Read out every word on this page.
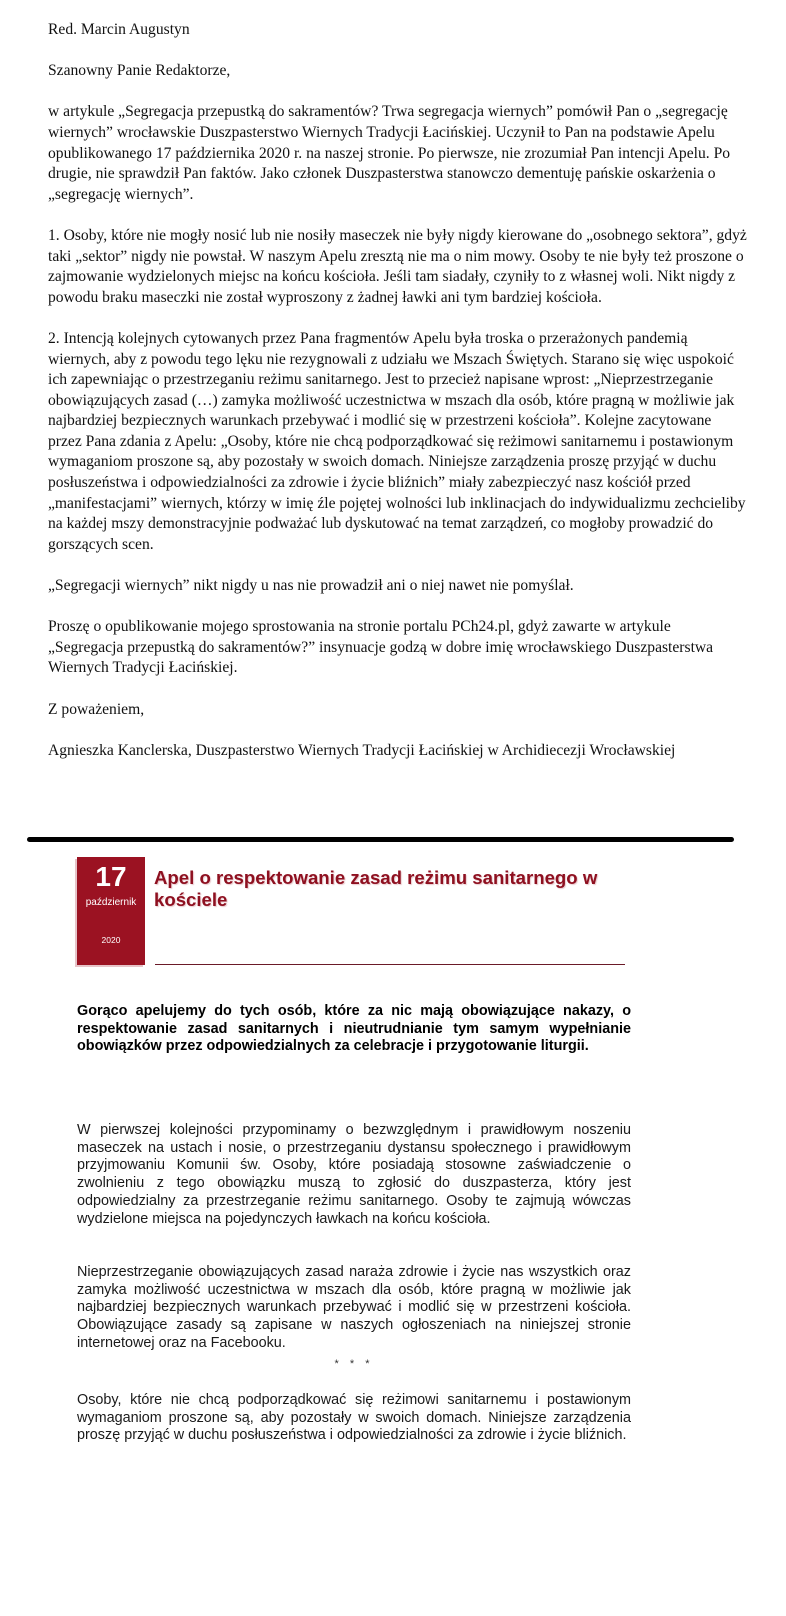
Red. Marcin Augustyn

Szanowny Panie Redaktorze,

w artykule „Segregacja przepustką do sakramentów? Trwa segregacja wiernych” pomówił Pan o „segregację wiernych” wrocławskie Duszpasterstwo Wiernych Tradycji Łacińskiej. Uczynił to Pan na podstawie Apelu opublikowanego 17 października 2020 r. na naszej stronie. Po pierwsze, nie zrozumiał Pan intencji Apelu. Po drugie, nie sprawdził Pan faktów. Jako członek Duszpasterstwa stanowczo dementuję pańskie oskarżenia o „segregację wiernych”.

1. Osoby, które nie mogły nosić lub nie nosiły maseczek nie były nigdy kierowane do „osobnego sektora”, gdyż taki „sektor” nigdy nie powstał. W naszym Apelu zresztą nie ma o nim mowy. Osoby te nie były też proszone o zajmowanie wydzielonych miejsc na końcu kościoła. Jeśli tam siadały, czyniły to z własnej woli. Nikt nigdy z powodu braku maseczki nie został wyproszony z żadnej ławki ani tym bardziej kościoła.

2. Intencją kolejnych cytowanych przez Pana fragmentów Apelu była troska o przerażonych pandemią wiernych, aby z powodu tego lęku nie rezygnowali z udziału we Mszach Świętych. Starano się więc uspokoić ich zapewniając o przestrzeganiu reżimu sanitarnego. Jest to przecież napisane wprost: „Nieprzestrzeganie obowiązujących zasad (…) zamyka możliwość uczestnictwa w mszach dla osób, które pragną w możliwie jak najbardziej bezpiecznych warunkach przebywać i modlić się w przestrzeni kościoła”. Kolejne zacytowane przez Pana zdania z Apelu: „Osoby, które nie chcą podporządkować się reżimowi sanitarnemu i postawionym wymaganiom proszone są, aby pozostały w swoich domach. Niniejsze zarządzenia proszę przyjąć w duchu posłuszeństwa i odpowiedzialności za zdrowie i życie bliźnich” miały zabezpieczyć nasz kościół przed „manifestacjami” wiernych, którzy w imię źle pojętej wolności lub inklinacjach do indywidualizmu zechcieliby na każdej mszy demonstracyjnie podważać lub dyskutować na temat zarządzeń, co mogłoby prowadzić do gorszących scen.

„Segregacji wiernych” nikt nigdy u nas nie prowadził ani o niej nawet nie pomyślał.

Proszę o opublikowanie mojego sprostowania na stronie portalu PCh24.pl, gdyż zawarte w artykule „Segregacja przepustką do sakramentów?” insynuacje godzą w dobre imię wrocławskiego Duszpasterstwa Wiernych Tradycji Łacińskiej.

Z poważeniem,

Agnieszka Kanclerska, Duszpasterstwo Wiernych Tradycji Łacińskiej w Archidiecezji Wrocławskiej

17
październik
2020
Apel o respektowanie zasad reżimu sanitarnego w kościele
Gorąco apelujemy do tych osób, które za nic mają obowiązujące nakazy, o respektowanie zasad sanitarnych i nieutrudnianie tym samym wypełnianie obowiązków przez odpowiedzialnych za celebracje i przygotowanie liturgii.
W pierwszej kolejności przypominamy o bezwzględnym i prawidłowym noszeniu maseczek na ustach i nosie, o przestrzeganiu dystansu społecznego i prawidłowym przyjmowaniu Komunii św. Osoby, które posiadają stosowne zaświadczenie o zwolnieniu z tego obowiązku muszą to zgłosić do duszpasterza, który jest odpowiedzialny za przestrzeganie reżimu sanitarnego. Osoby te zajmują wówczas wydzielone miejsca na pojedynczych ławkach na końcu kościoła.
Nieprzestrzeganie obowiązujących zasad naraża zdrowie i życie nas wszystkich oraz zamyka możliwość uczestnictwa w mszach dla osób, które pragną w możliwie jak najbardziej bezpiecznych warunkach przebywać i modlić się w przestrzeni kościoła. Obowiązujące zasady są zapisane w naszych ogłoszeniach na niniejszej stronie internetowej oraz na Facebooku.
* * *
Osoby, które nie chcą podporządkować się reżimowi sanitarnemu i postawionym wymaganiom proszone są, aby pozostały w swoich domach. Niniejsze zarządzenia proszę przyjąć w duchu posłuszeństwa i odpowiedzialności za zdrowie i życie bliźnich.
